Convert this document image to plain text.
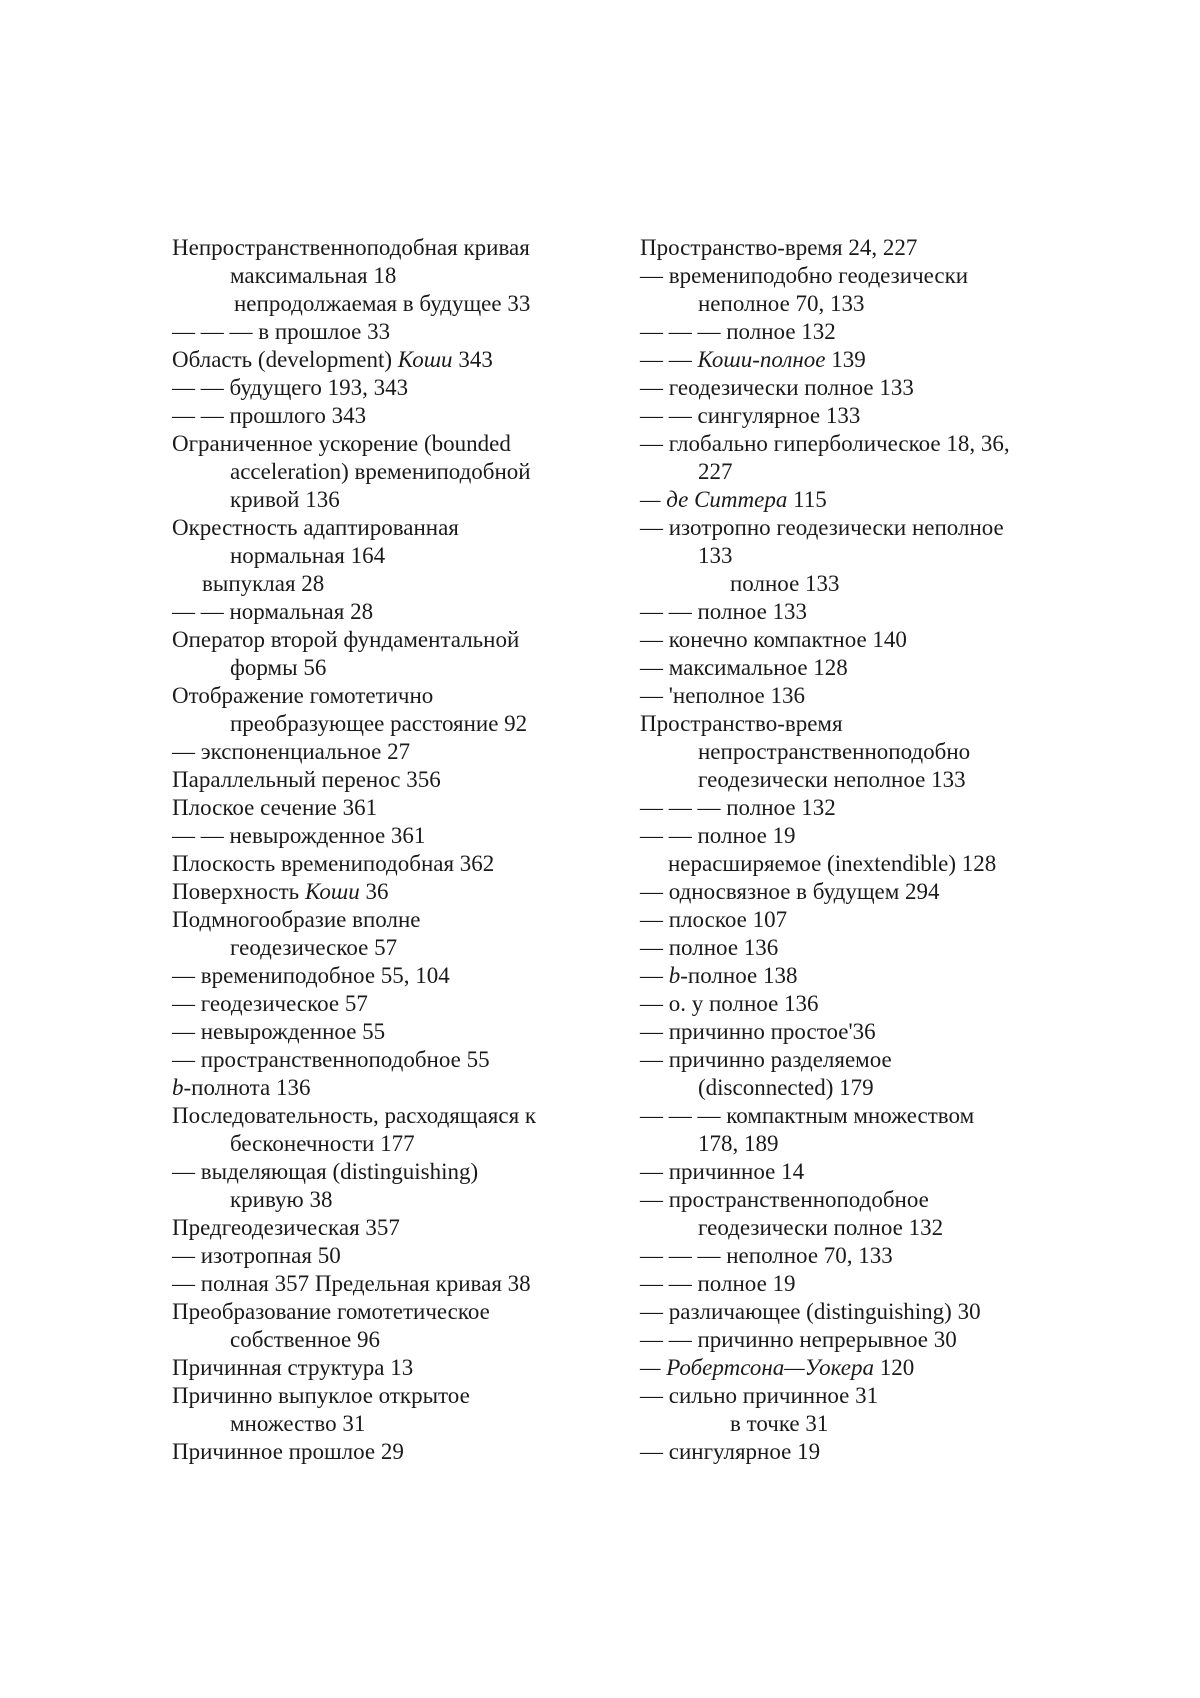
Непространственноподобная кривая
максимальная 18
непродолжаемая в будущее 33
— — — в прошлое 33
Область (development) Коши 343
— — будущего 193, 343
— — прошлого 343
Ограниченное ускорение (bounded
acceleration) времениподобной
кривой 136
Окрестность адаптированная
нормальная 164
выпуклая 28
— — нормальная 28
Оператор второй фундаментальной
формы 56
Отображение гомотетично
преобразующее расстояние 92
— экспоненциальное 27
Параллельный перенос 356
Плоское сечение 361
— — невырожденное 361
Плоскость времениподобная 362
Поверхность Коши 36
Подмногообразие вполне
геодезическое 57
— времениподобное 55, 104
— геодезическое 57
— невырожденное 55
— пространственноподобное 55
b-полнота 136
Последовательность, расходящаяся к
бесконечности 177
— выделяющая (distinguishing)
кривую 38
Предгеодезическая 357
— изотропная 50
— полная 357 Предельная кривая 38
Преобразование гомотетическое
собственное 96
Причинная структура 13
Причинно выпуклое открытое
множество 31
Причинное прошлое 29
Пространство-время 24, 227
— времениподобно геодезически
неполное 70, 133
— — — полное 132
— — Коши-полное 139
— геодезически полное 133
— — сингулярное 133
— глобально гиперболическое 18, 36,
227
— де Ситтера 115
— изотропно геодезически неполное
133
полное 133
— — полное 133
— конечно компактное 140
— максимальное 128
— 'неполное 136
Пространство-время
непространственноподобно
геодезически неполное 133
— — — полное 132
— — полное 19
нерасширяемое (inextendible) 128
— односвязное в будущем 294
— плоское 107
— полное 136
— b-полное 138
— о. у полное 136
— причинно простое'36
— причинно разделяемое
(disconnected) 179
— — — компактным множеством
178, 189
— причинное 14
— пространственноподобное
геодезически полное 132
— — — неполное 70, 133
— — полное 19
— различающее (distinguishing) 30
— — причинно непрерывное 30
— Робертсона—Уокера 120
— сильно причинное 31
в точке 31
— сингулярное 19
